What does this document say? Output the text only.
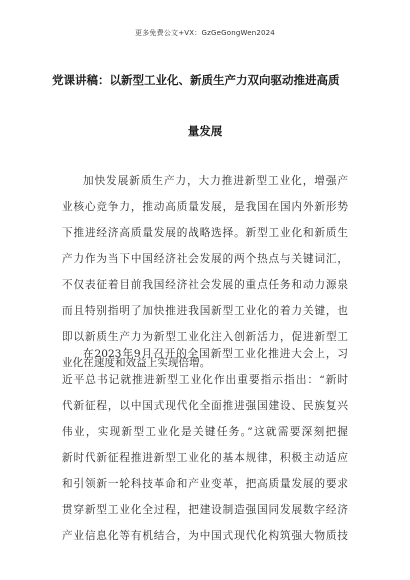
更多免费公文+VX：GzGeGongWen2024
党课讲稿：以新型工业化、新质生产力双向驱动推进高质
量发展
加快发展新质生产力，大力推进新型工业化，增强产
业核心竞争力，推动高质量发展，是我国在国内外新形势
下推进经济高质量发展的战略选择。新型工业化和新质生
产力作为当下中国经济社会发展的两个热点与关键词汇，
不仅表征着目前我国经济社会发展的重点任务和动力源泉
而且特别指明了加快推进我国新型工业化的着力关键，也
即以新质生产力为新型工业化注入创新活力，促进新型工
业化在速度和效益上实现倍增。
在2023年9月召开的全国新型工业化推进大会上，习
近平总书记就推进新型工业化作出重要指示指出：“新时
代新征程，以中国式现代化全面推进强国建设、民族复兴
伟业，实现新型工业化是关键任务。”这就需要深刻把握
新时代新征程推进新型工业化的基本规律，积极主动适应
和引领新一轮科技革命和产业变革，把高质量发展的要求
贯穿新型工业化全过程，把建设制造强国同发展数字经济
产业信息化等有机结合，为中国式现代化构筑强大物质技
